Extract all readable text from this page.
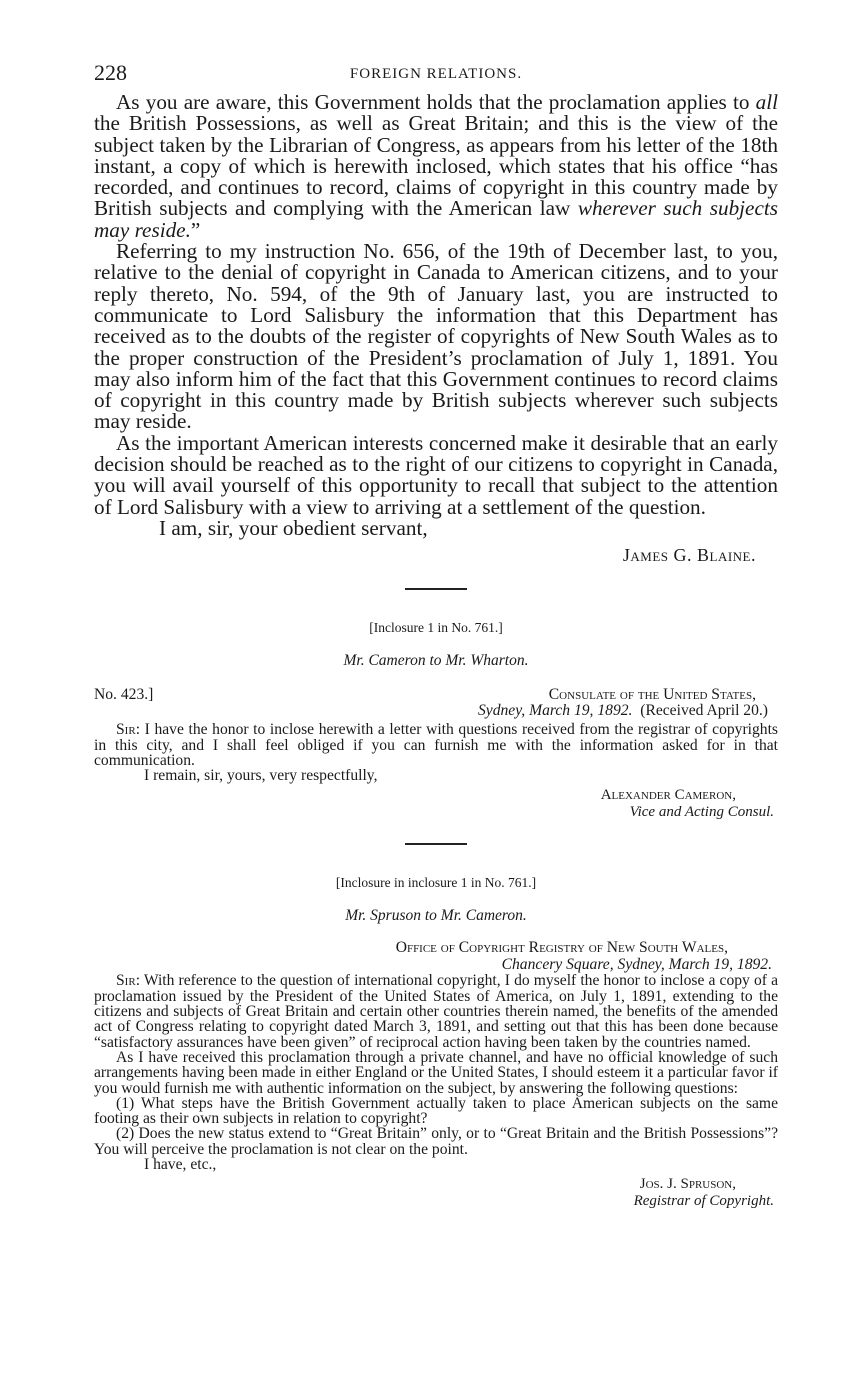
228	FOREIGN RELATIONS.

As you are aware, this Government holds that the proclamation applies to all the British Possessions, as well as Great Britain; and this is the view of the subject taken by the Librarian of Congress, as appears from his letter of the 18th instant, a copy of which is herewith inclosed, which states that his office “has recorded, and continues to record, claims of copyright in this country made by British subjects and complying with the American law wherever such subjects may reside.”

Referring to my instruction No. 656, of the 19th of December last, to you, relative to the denial of copyright in Canada to American citizens, and to your reply thereto, No. 594, of the 9th of January last, you are instructed to communicate to Lord Salisbury the information that this Department has received as to the doubts of the register of copyrights of New South Wales as to the proper construction of the President’s proclamation of July 1, 1891. You may also inform him of the fact that this Government continues to record claims of copyright in this country made by British subjects wherever such subjects may reside.

As the important American interests concerned make it desirable that an early decision should be reached as to the right of our citizens to copyright in Canada, you will avail yourself of this opportunity to recall that subject to the attention of Lord Salisbury with a view to arriving at a settlement of the question.

I am, sir, your obedient servant,

James G. Blaine.
[Inclosure 1 in No. 761.]
Mr. Cameron to Mr. Wharton.
No. 423.]	Consulate of the United States,
Sydney, March 19, 1892. (Received April 20.)

Sir: I have the honor to inclose herewith a letter with questions received from the registrar of copyrights in this city, and I shall feel obliged if you can furnish me with the information asked for in that communication.

I remain, sir, yours, very respectfully,

Alexander Cameron,
Vice and Acting Consul.
[Inclosure in inclosure 1 in No. 761.]
Mr. Spruson to Mr. Cameron.
Office of Copyright Registry of New South Wales,
Chancery Square, Sydney, March 19, 1892.

Sir: With reference to the question of international copyright, I do myself the honor to inclose a copy of a proclamation issued by the President of the United States of America, on July 1, 1891, extending to the citizens and subjects of Great Britain and certain other countries therein named, the benefits of the amended act of Congress relating to copyright dated March 3, 1891, and setting out that this has been done because “satisfactory assurances have been given” of reciprocal action having been taken by the countries named.

As I have received this proclamation through a private channel, and have no official knowledge of such arrangements having been made in either England or the United States, I should esteem it a particular favor if you would furnish me with authentic information on the subject, by answering the following questions:

(1) What steps have the British Government actually taken to place American subjects on the same footing as their own subjects in relation to copyright?

(2) Does the new status extend to “Great Britain” only, or to “Great Britain and the British Possessions”? You will perceive the proclamation is not clear on the point.

I have, etc.,

Jos. J. Spruson,
Registrar of Copyright.
